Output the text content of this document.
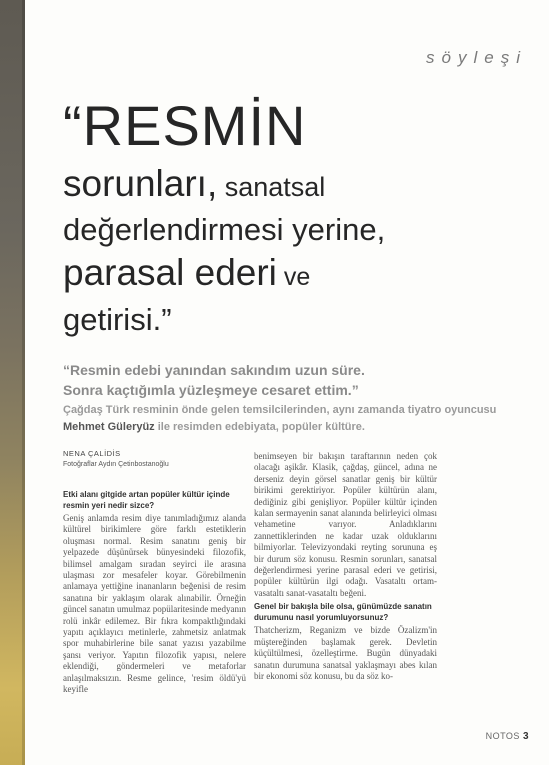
söyleşi
“RESMİN
sorunları, sanatsal
değerlendirmesi yerine,
parasal ederi ve
getirisi.”

“Resmin edebi yanından sakındım uzun süre.
Sonra kaçtığımla yüzleşmeye cesaret ettim.”

Çağdaş Türk resminin önde gelen temsilcilerinden, aynı zamanda tiyatro oyuncusu Mehmet Güleryüz ile resimden edebiyata, popüler kültüre.

NENA ÇALİDİS
Fotoğraflar Aydın Çetinbostanoğlu

Etki alanı gitgide artan popüler kültür içinde resmin yeri nedir sizce?

Geniş anlamda resim diye tanımladığımız alanda kültürel birikimlere göre farklı estetiklerin oluşması normal. Resim sanatını geniş bir yelpazede düşünürsek bünyesindeki filozofik, bilimsel amalgam sıradan seyirci ile arasına ulaşması zor mesafeler koyar. Görebilmenin anlamaya yettiğine inananların beğenisi de resim sanatına bir yaklaşım olarak alınabilir. Örneğin güncel sanatın umulmaz popülaritesinde medyanın rolü inkâr edilemez. Bir fıkra kompaktlığındaki yapıtı açıklayıcı metinlerle, zahmetsiz anlatmak spor muhabirlerine bile sanat yazısı yazabilme şansı veriyor. Yapıtın filozofik yapısı, nelere eklendiği, göndermeleri ve metaforlar anlaşılmaksızın. Resme gelince, 'resim öldü'yü keyifle

benimseyen bir bakışın taraftarının neden çok olacağı aşikâr. Klasik, çağdaş, güncel, adına ne derseniz deyin görsel sanatlar geniş bir kültür birikimi gerektiriyor. Popüler kültürün alanı, dediğiniz gibi genişliyor. Popüler kültür içinden kalan sermayenin sanat alanında belirleyici olması vehametine varıyor. Anladıklarını zannettiklerinden ne kadar uzak olduklarını bilmiyorlar. Televizyondaki reyting sorununa eş bir durum söz konusu. Resmin sorunları, sanatsal değerlendirmesi yerine parasal ederi ve getirisi, popüler kültürün ilgi odağı. Vasataltı ortam-vasataltı sanat-vasataltı beğeni.

Genel bir bakışla bile olsa, günümüzde sanatın durumunu nasıl yorumluyorsunuz?

Thatcherizm, Reganizm ve bizde Özalizm'in müştereğinden başlamak gerek. Devletin küçültülmesi, özelleştirme. Bugün dünyadaki sanatın durumuna sanatsal yaklaşmayı abes kılan bir ekonomi söz konusu, bu da söz ko-

NOTOS 3
